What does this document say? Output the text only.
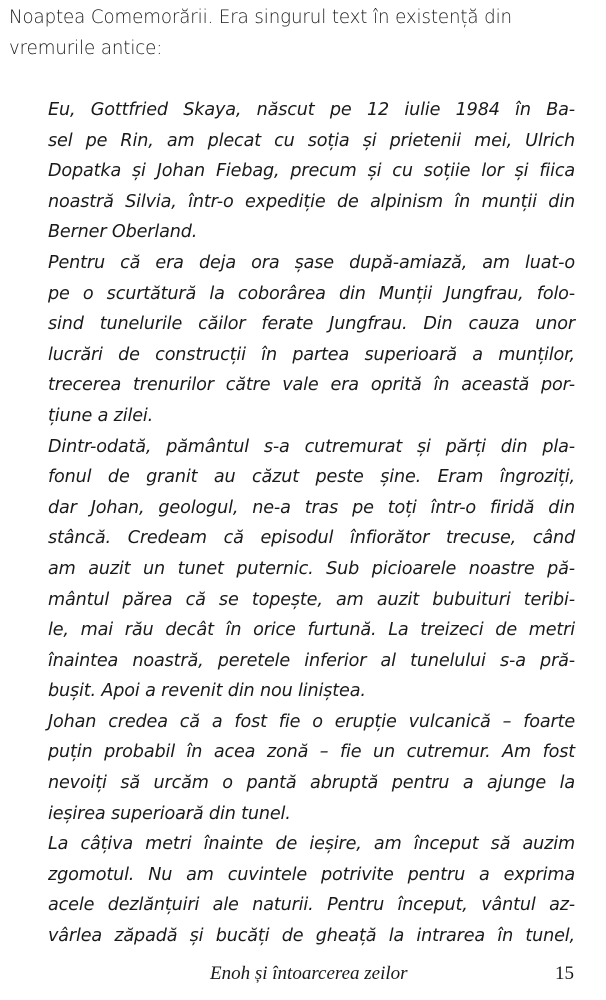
Noaptea Comemorării. Era singurul text în existență din
vremurile antice:
Eu, Gottfried Skaya, născut pe 12 iulie 1984 în Ba-
sel pe Rin, am plecat cu soția și prietenii mei, Ulrich
Dopatka și Johan Fiebag, precum și cu soțiie lor și fiica
noastră Silvia, într-o expediție de alpinism în munții din
Berner Oberland.
Pentru că era deja ora șase după-amiază, am luat-o
pe o scurtătură la coborârea din Munții Jungfrau, folo-
sind tunelurile căilor ferate Jungfrau. Din cauza unor
lucrări de construcții în partea superioară a munților,
trecerea trenurilor către vale era oprită în această por-
țiune a zilei.
Dintr-odată, pământul s-a cutremurat și părți din pla-
fonul de granit au căzut peste șine. Eram îngroziți,
dar Johan, geologul, ne-a tras pe toți într-o firidă din
stâncă. Credeam că episodul înfiorător trecuse, când
am auzit un tunet puternic. Sub picioarele noastre pă-
mântul părea că se topește, am auzit bubuituri teribi-
le, mai rău decât în orice furtună. La treizeci de metri
înaintea noastră, peretele inferior al tunelului s-a pră-
bușit. Apoi a revenit din nou liniștea.
Johan credea că a fost fie o erupție vulcanică – foarte
puțin probabil în acea zonă – fie un cutremur. Am fost
nevoiți să urcăm o pantă abruptă pentru a ajunge la
ieșirea superioară din tunel.
La câțiva metri înainte de ieșire, am început să auzim
zgomotul. Nu am cuvintele potrivite pentru a exprima
acele dezlănțuiri ale naturii. Pentru început, vântul az-
vârlea zăpadă și bucăți de gheață la intrarea în tunel,
Enoh și întoarcerea zeilor	15
